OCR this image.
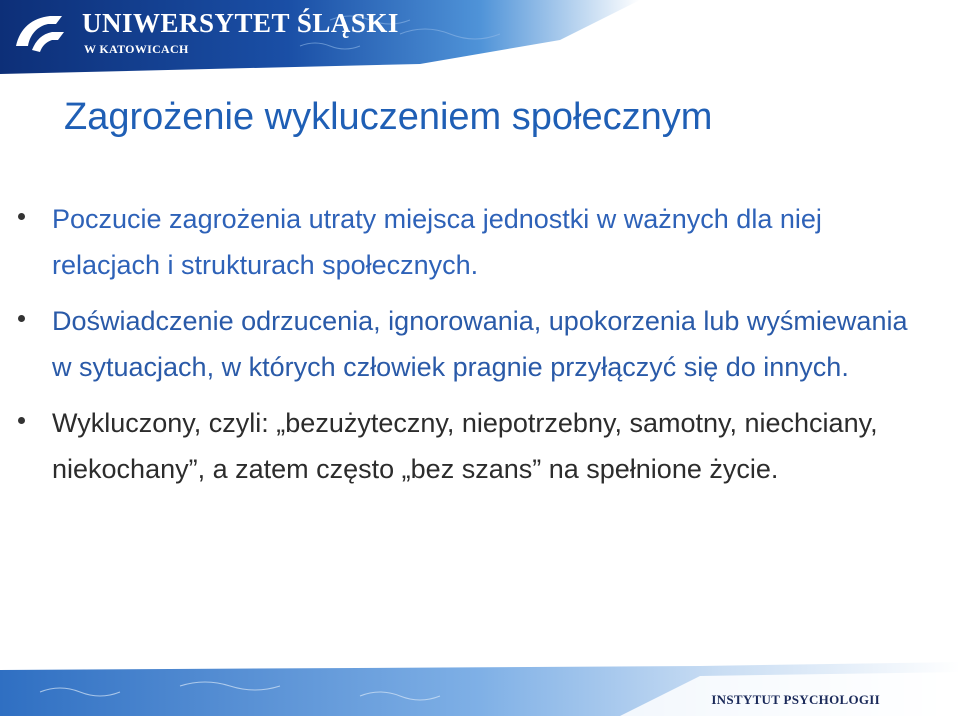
UNIWERSYTET ŚLĄSKI
W KATOWICACH
Zagrożenie wykluczeniem społecznym
Poczucie zagrożenia utraty miejsca jednostki w ważnych dla niej relacjach i strukturach społecznych.
Doświadczenie odrzucenia, ignorowania, upokorzenia lub wyśmiewania w sytuacjach, w których człowiek pragnie przyłączyć się do innych.
Wykluczony, czyli: „bezużyteczny, niepotrzebny, samotny, niechciany, niekochany”, a zatem często „bez szans” na spełnione życie.
INSTYTUT PSYCHOLOGII
